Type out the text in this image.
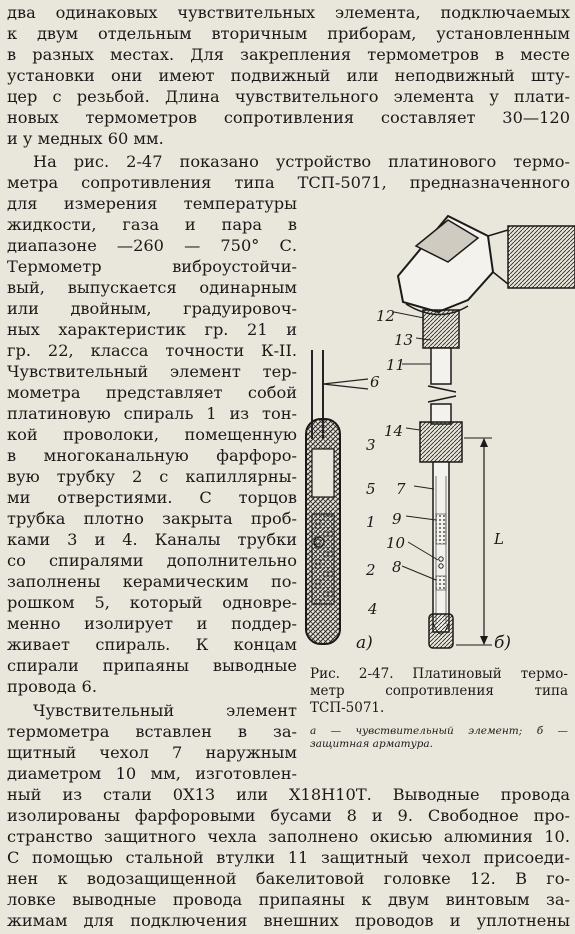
два одинаковых чувствительных элемента, подключаемых
к двум отдельным вторичным приборам, установленным
в разных местах. Для закрепления термометров в месте
установки они имеют подвижный или неподвижный шту-
цер с резьбой. Длина чувствительного элемента у плати-
новых термометров сопротивления составляет 30—120
и у медных 60 мм.
На рис. 2-47 показано устройство платинового термо-
метра сопротивления типа ТСП-5071, предназначенного
для измерения температуры
жидкости, газа и пара в
диапазоне —260 — 750° С.
Термометр виброустойчи-
вый, выпускается одинарным
или двойным, градуировоч-
ных характеристик гр. 21 и
гр. 22, класса точности К-II.
Чувствительный элемент тер-
мометра представляет собой
платиновую спираль 1 из тон-
кой проволоки, помещенную
в многоканальную фарфоро-
вую трубку 2 с капиллярны-
ми отверстиями. С торцов
трубка плотно закрыта проб-
ками 3 и 4. Каналы трубки
со спиралями дополнительно
заполнены керамическим по-
рошком 5, который одновре-
менно изолирует и поддер-
живает спираль. К концам
спирали припаяны выводные
провода 6.
Чувствительный элемент
термометра вставлен в за-
щитный чехол 7 наружным
диаметром 10 мм, изготовлен-
ный из стали 0Х13 или Х18Н10Т. Выводные провода
изолированы фарфоровыми бусами 8 и 9. Свободное про-
странство защитного чехла заполнено окисью алюминия 10.
С помощью стальной втулки 11 защитный чехол присоеди-
нен к водозащищенной бакелитовой головке 12. В го-
ловке выводные провода припаяны к двум винтовым за-
жимам для подключения внешних проводов и уплотнены
12
13
11
6
3
14
5 7
1 9
10
8
2
4
L
а)	б)
Рис. 2-47. Платиновый термо-
метр сопротивления типа
ТСП-5071.
а — чувствительный элемент; б —
защитная арматура.
